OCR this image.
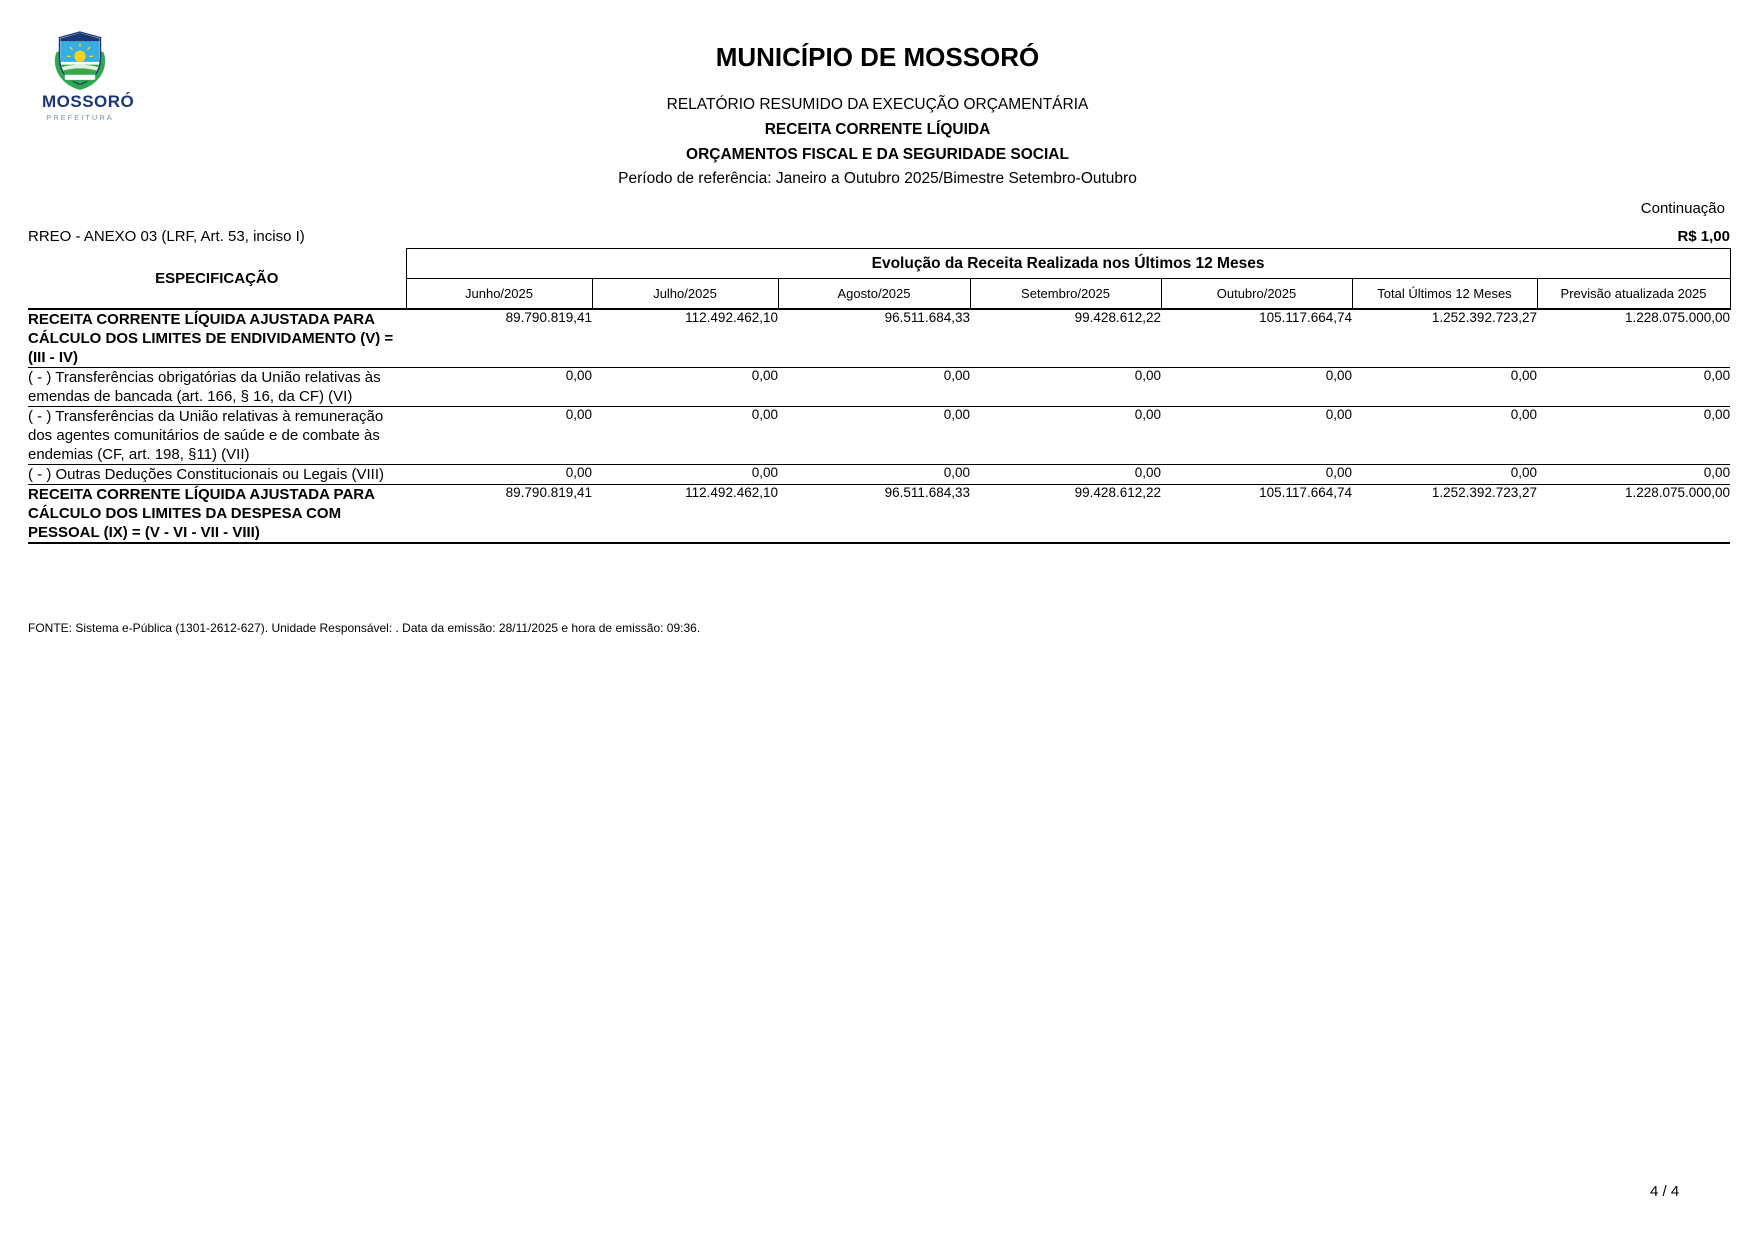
MOSSORÓ
PREFEITURA
MUNICÍPIO DE MOSSORÓ
RELATÓRIO RESUMIDO DA EXECUÇÃO ORÇAMENTÁRIA
RECEITA CORRENTE LÍQUIDA
ORÇAMENTOS FISCAL E DA SEGURIDADE SOCIAL
Período de referência: Janeiro a Outubro 2025/Bimestre Setembro-Outubro
Continuação
RREO - ANEXO 03 (LRF, Art. 53, inciso I)	R$ 1,00
ESPECIFICAÇÃO	Evolução da Receita Realizada nos Últimos 12 Meses						
	Junho/2025	Julho/2025	Agosto/2025	Setembro/2025	Outubro/2025	Total Últimos 12 Meses	Previsão atualizada 2025
RECEITA CORRENTE LÍQUIDA AJUSTADA PARA CÁLCULO DOS LIMITES DE ENDIVIDAMENTO (V) = (III - IV)	89.790.819,41	112.492.462,10	96.511.684,33	99.428.612,22	105.117.664,74	1.252.392.723,27	1.228.075.000,00
( - ) Transferências obrigatórias da União relativas às emendas de bancada (art. 166, § 16, da CF) (VI)	0,00	0,00	0,00	0,00	0,00	0,00	0,00
( - ) Transferências da União relativas à remuneração dos agentes comunitários de saúde e de combate às endemias (CF, art. 198, §11) (VII)	0,00	0,00	0,00	0,00	0,00	0,00	0,00
( - ) Outras Deduções Constitucionais ou Legais (VIII)	0,00	0,00	0,00	0,00	0,00	0,00	0,00
RECEITA CORRENTE LÍQUIDA AJUSTADA PARA CÁLCULO DOS LIMITES DA DESPESA COM PESSOAL (IX) = (V - VI - VII - VIII)	89.790.819,41	112.492.462,10	96.511.684,33	99.428.612,22	105.117.664,74	1.252.392.723,27	1.228.075.000,00
FONTE: Sistema e-Pública (1301-2612-627). Unidade Responsável: . Data da emissão: 28/11/2025 e hora de emissão: 09:36.
4 / 4
